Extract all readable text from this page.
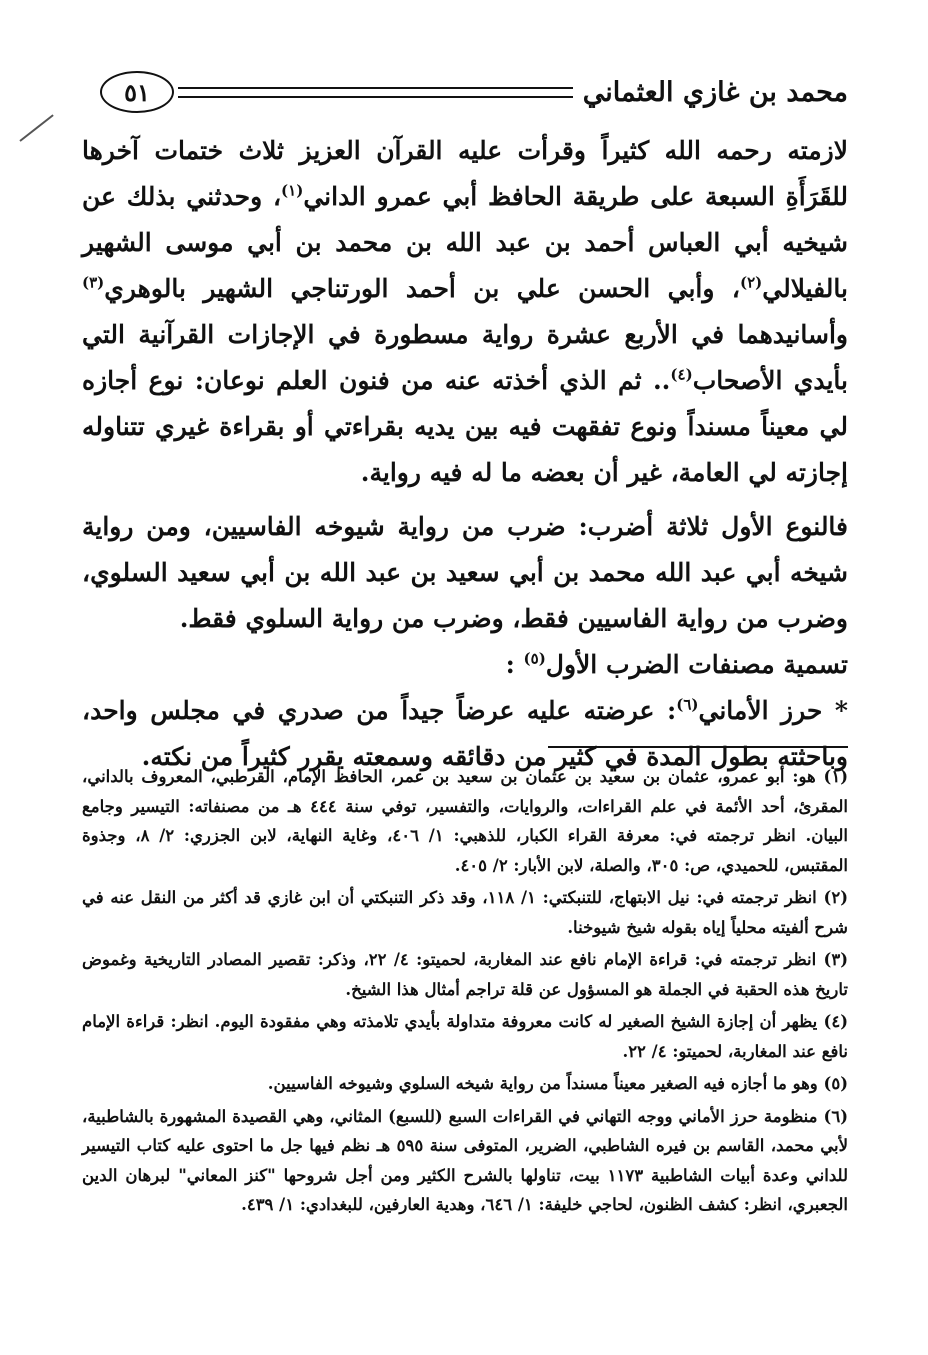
محمد بن غازي العثماني
٥١

لازمته رحمه الله كثيراً وقرأت عليه القرآن العزيز ثلاث ختمات آخرها للقَرَأَةِ السبعة على طريقة الحافظ أبي عمرو الداني$^{(١)}$، وحدثني بذلك عن شيخيه أبي العباس أحمد بن عبد الله بن محمد بن أبي موسى الشهير بالفيلالي$^{(٢)}$، وأبي الحسن علي بن أحمد الورتناجي الشهير بالوهري$^{(٣)}$ وأسانيدهما في الأربع عشرة رواية مسطورة في الإجازات القرآنية التي بأيدي الأصحاب$^{(٤)}$.. ثم الذي أخذته عنه من فنون العلم نوعان: نوع أجازه لي معيناً مسنداً ونوع تفقهت فيه بين يديه بقراءتي أو بقراءة غيري تتناوله إجازته لي العامة، غير أن بعضه ما له فيه رواية.

فالنوع الأول ثلاثة أضرب: ضرب من رواية شيوخه الفاسيين، ومن رواية شيخه أبي عبد الله محمد بن أبي سعيد بن عبد الله بن أبي سعيد السلوي، وضرب من رواية الفاسيين فقط، وضرب من رواية السلوي فقط.

تسمية مصنفات الضرب الأول$^{(٥)}$ :

* حرز الأماني$^{(٦)}$: عرضته عليه عرضاً جيداً من صدري في مجلس واحد، وباحثته بطول المدة في كثير من دقائقه وسمعته يقرر كثيراً من نكته.

(١) هو: أبو عمرو، عثمان بن سعيد بن عثمان بن سعيد بن عمر، الحافظ الإمام، القرطبي، المعروف بالداني، المقرئ، أحد الأئمة في علم القراءات، والروايات، والتفسير، توفي سنة ٤٤٤ هـ من مصنفاته: التيسير وجامع البيان. انظر ترجمته في: معرفة القراء الكبار، للذهبي: ١/ ٤٠٦، وغاية النهاية، لابن الجزري: ٢/ ٨، وجذوة المقتبس، للحميدي، ص: ٣٠٥، والصلة، لابن الأبار: ٢/ ٤٠٥.

(٢) انظر ترجمته في: نيل الابتهاج، للتنبكتي: ١/ ١١٨، وقد ذكر التنبكتي أن ابن غازي قد أكثر من النقل عنه في شرح ألفيته محلياً إياه بقوله شيخ شيوخنا.

(٣) انظر ترجمته في: قراءة الإمام نافع عند المغاربة، لحميتو: ٤/ ٢٢، وذكر: تقصير المصادر التاريخية وغموض تاريخ هذه الحقبة في الجملة هو المسؤول عن قلة تراجم أمثال هذا الشيخ.

(٤) يظهر أن إجازة الشيخ الصغير له كانت معروفة متداولة بأيدي تلامذته وهي مفقودة اليوم. انظر: قراءة الإمام نافع عند المغاربة، لحميتو: ٤/ ٢٢.

(٥) وهو ما أجازه فيه الصغير معيناً مسنداً من رواية شيخه السلوي وشيوخه الفاسيين.

(٦) منظومة حرز الأماني ووجه التهاني في القراءات السبع (للسبع) المثاني، وهي القصيدة المشهورة بالشاطبية، لأبي محمد، القاسم بن فيره الشاطبي، الضرير، المتوفى سنة ٥٩٥ هـ نظم فيها جل ما احتوى عليه كتاب التيسير للداني وعدة أبيات الشاطبية ١١٧٣ بيت، تناولها بالشرح الكثير ومن أجل شروحها "كنز المعاني" لبرهان الدين الجعبري، انظر: كشف الظنون، لحاجي خليفة: ١/ ٦٤٦، وهدية العارفين، للبغدادي: ١/ ٤٣٩.
